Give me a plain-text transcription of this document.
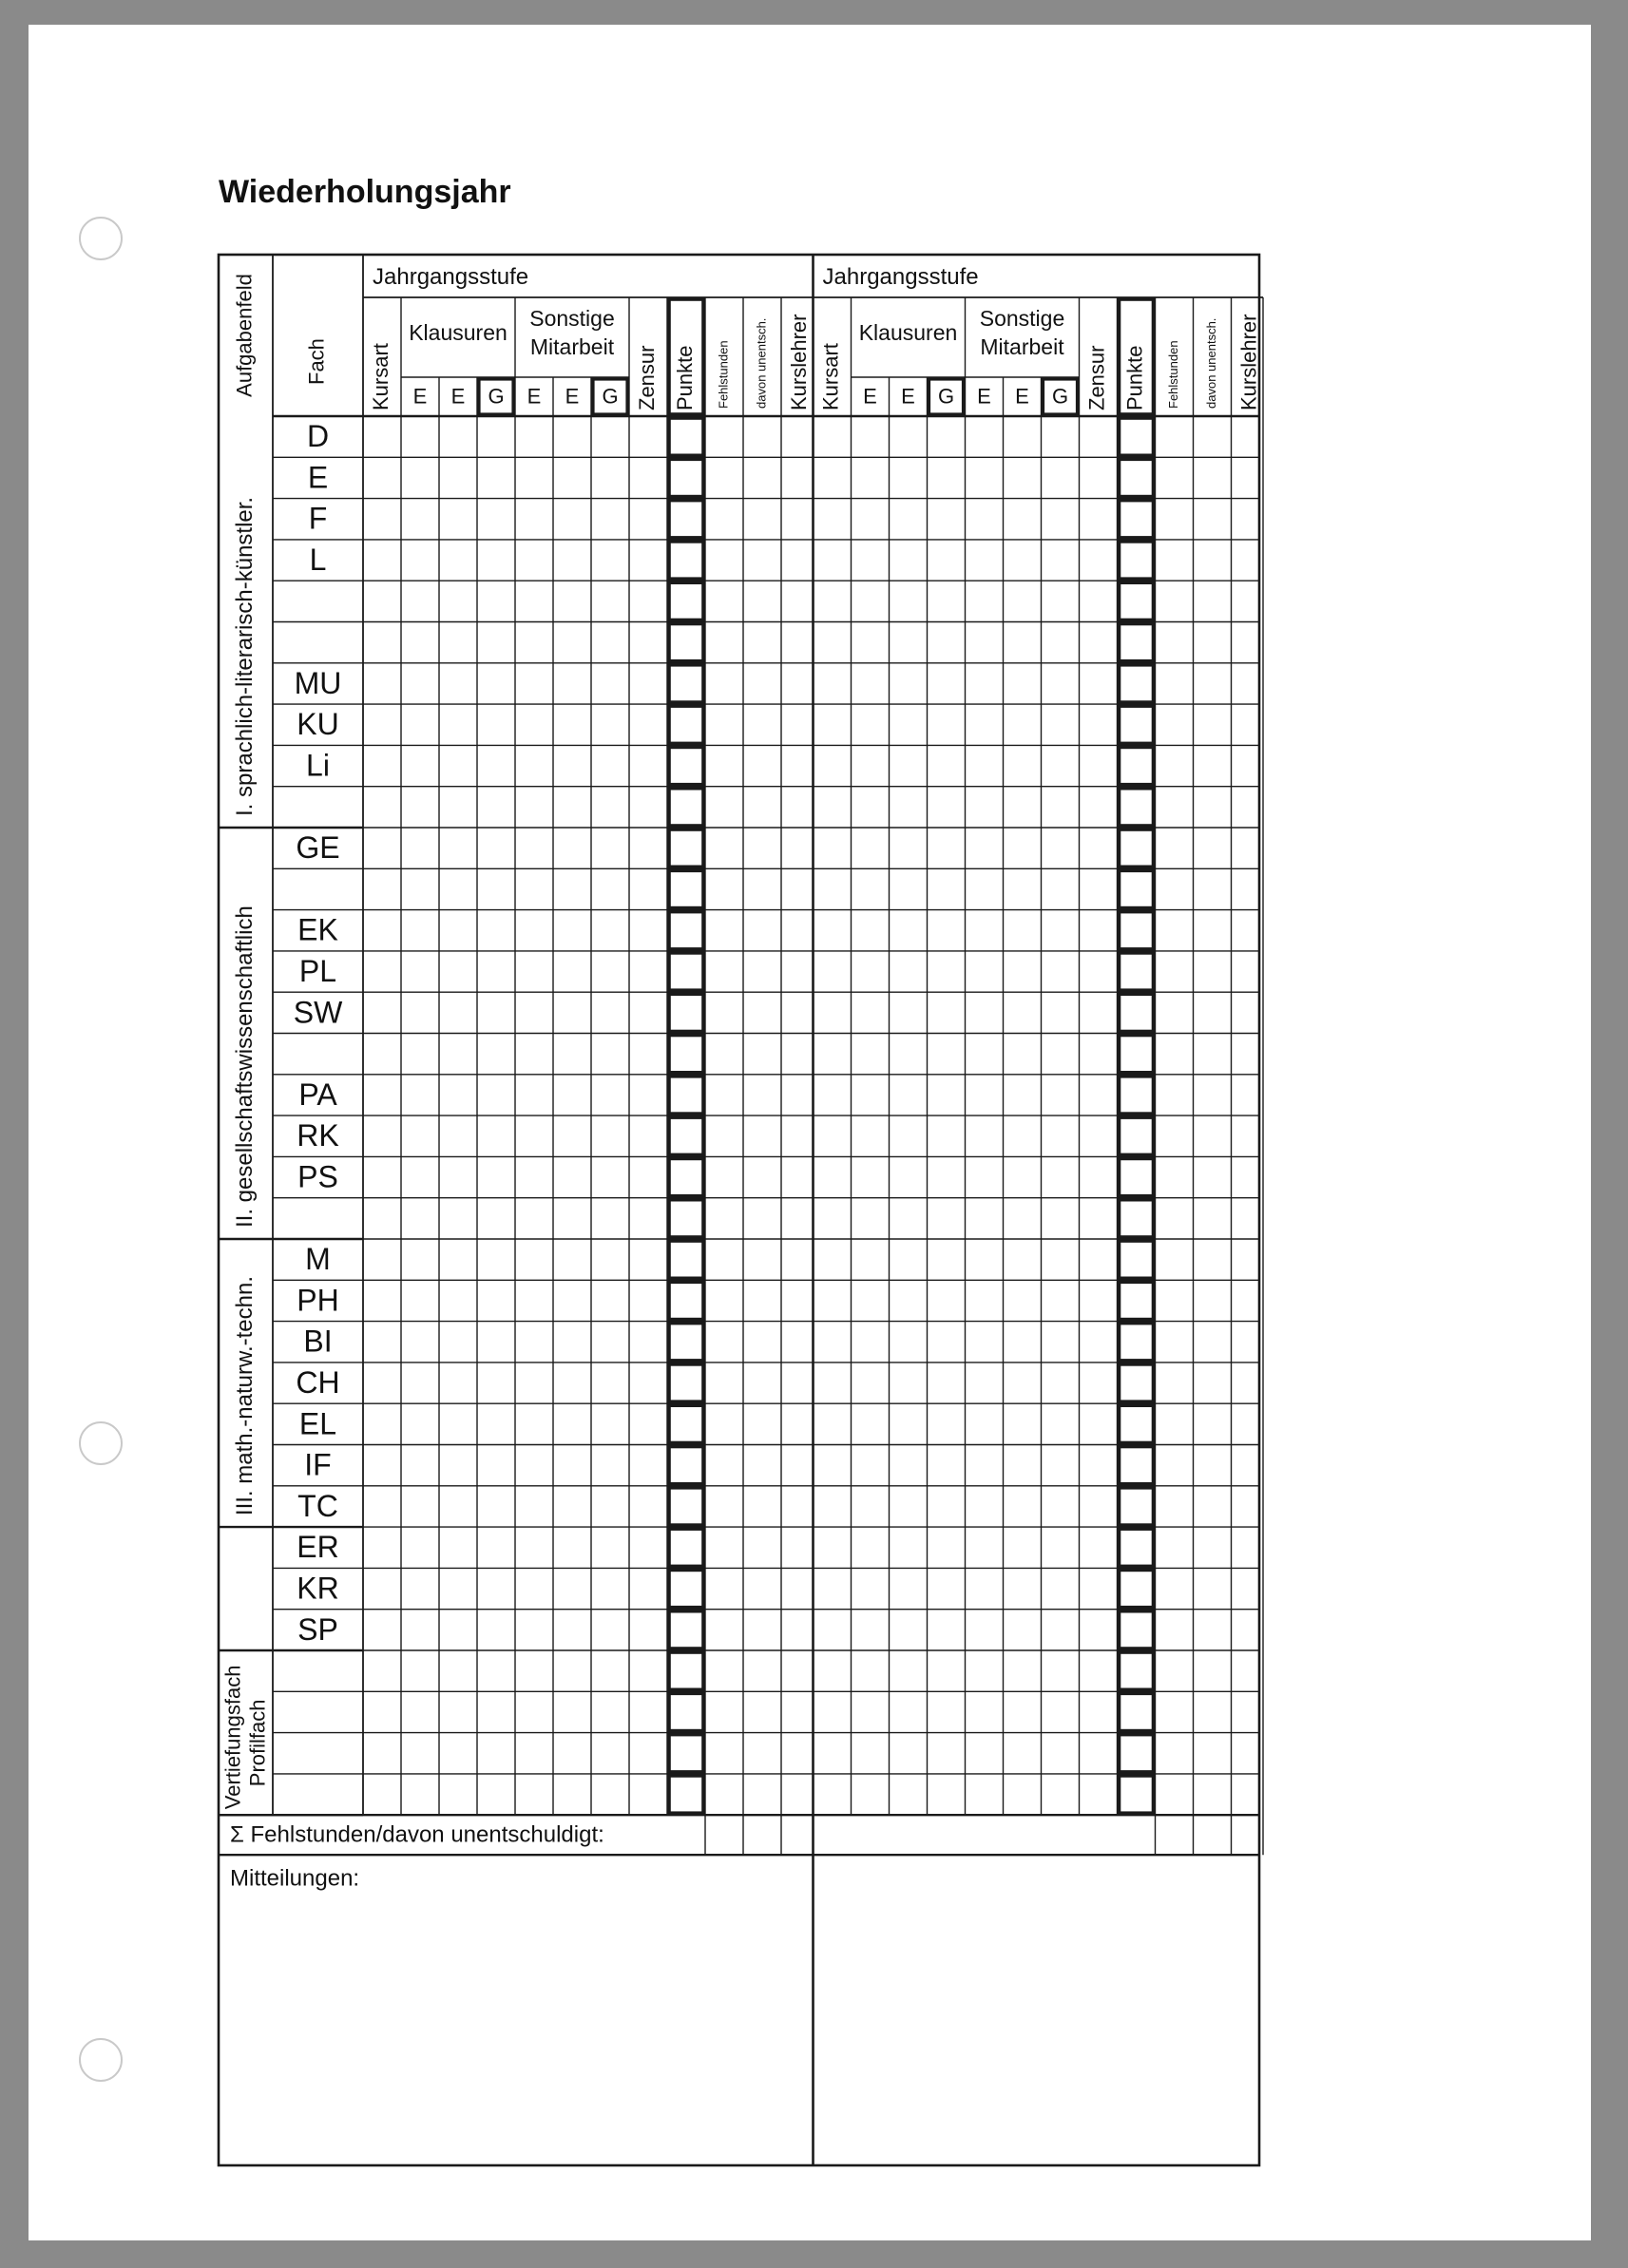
Wiederholungsjahr
Aufgabenfeld Fach
I. sprachlich-literarisch-künstler.
II. gesellschaftswissenschaftlich
III. math.-naturw.-techn.
Vertiefungsfach Profilfach
D
E
F
L
MU
KU
Li
GE
EK
PL
SW
PA
RK
PS
M
PH
BI
CH
EL
IF
TC
ER
KR
SP
Jahrgangsstufe
Kursart
Klausuren
Sonstige
Mitarbeit Zensur Punkte Fehlstunden davon unentsch. Kurslehrer
E E G E E G
Jahrgangsstufe
Kursart
Klausuren
Sonstige
Mitarbeit Zensur Punkte Fehlstunden davon unentsch. Kurslehrer
E E G E E G
Σ Fehlstunden/davon unentschuldigt:
Mitteilungen:
